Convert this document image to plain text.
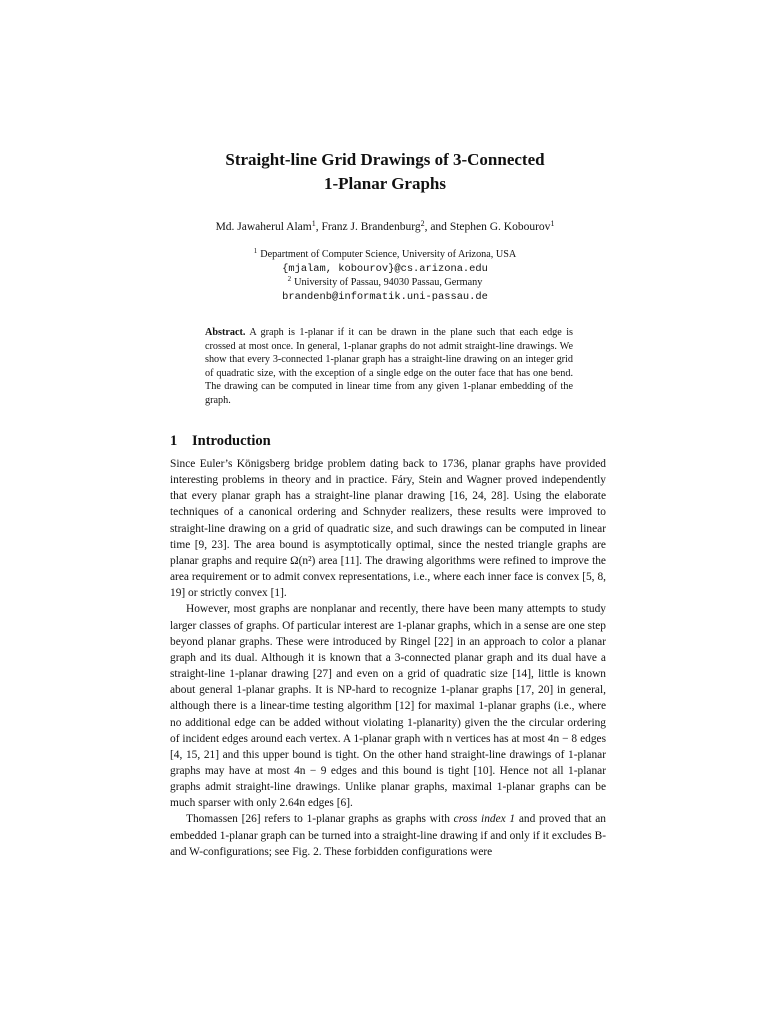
Straight-line Grid Drawings of 3-Connected
1-Planar Graphs
Md. Jawaherul Alam$^1$, Franz J. Brandenburg$^2$, and Stephen G. Kobourov$^1$
$^1$ Department of Computer Science, University of Arizona, USA
{mjalam, kobourov}@cs.arizona.edu
$^2$ University of Passau, 94030 Passau, Germany
brandenb@informatik.uni-passau.de
Abstract. A graph is 1-planar if it can be drawn in the plane such that each edge is crossed at most once. In general, 1-planar graphs do not admit straight-line drawings. We show that every 3-connected 1-planar graph has a straight-line drawing on an integer grid of quadratic size, with the exception of a single edge on the outer face that has one bend. The drawing can be computed in linear time from any given 1-planar embedding of the graph.
1 Introduction

Since Euler’s Königsberg bridge problem dating back to 1736, planar graphs have provided interesting problems in theory and in practice. Fáry, Stein and Wagner proved independently that every planar graph has a straight-line planar drawing [16, 24, 28]. Using the elaborate techniques of a canonical ordering and Schnyder realizers, these results were improved to straight-line drawing on a grid of quadratic size, and such drawings can be computed in linear time [9, 23]. The area bound is asymptotically optimal, since the nested triangle graphs are planar graphs and require Ω(n²) area [11]. The drawing algorithms were refined to improve the area requirement or to admit convex representations, i.e., where each inner face is convex [5, 8, 19] or strictly convex [1].

However, most graphs are nonplanar and recently, there have been many attempts to study larger classes of graphs. Of particular interest are 1-planar graphs, which in a sense are one step beyond planar graphs. These were introduced by Ringel [22] in an approach to color a planar graph and its dual. Although it is known that a 3-connected planar graph and its dual have a straight-line 1-planar drawing [27] and even on a grid of quadratic size [14], little is known about general 1-planar graphs. It is NP-hard to recognize 1-planar graphs [17, 20] in general, although there is a linear-time testing algorithm [12] for maximal 1-planar graphs (i.e., where no additional edge can be added without violating 1-planarity) given the the circular ordering of incident edges around each vertex. A 1-planar graph with n vertices has at most 4n − 8 edges [4, 15, 21] and this upper bound is tight. On the other hand straight-line drawings of 1-planar graphs may have at most 4n − 9 edges and this bound is tight [10]. Hence not all 1-planar graphs admit straight-line drawings. Unlike planar graphs, maximal 1-planar graphs can be much sparser with only 2.64n edges [6].

Thomassen [26] refers to 1-planar graphs as graphs with cross index 1 and proved that an embedded 1-planar graph can be turned into a straight-line drawing if and only if it excludes B- and W-configurations; see Fig. 2. These forbidden configurations were
